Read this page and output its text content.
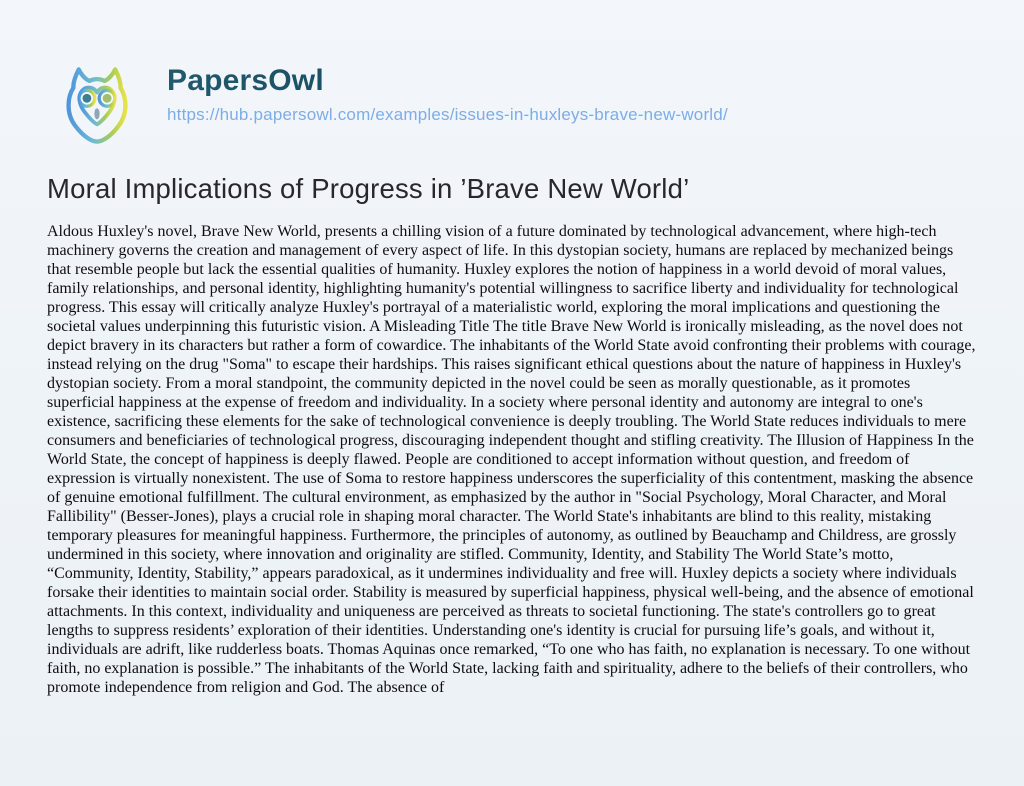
PapersOwl
https://hub.papersowl.com/examples/issues-in-huxleys-brave-new-world/
Moral Implications of Progress in ’Brave New World’

Aldous Huxley's novel, Brave New World, presents a chilling vision of a future dominated by technological advancement, where high-tech machinery governs the creation and management of every aspect of life. In this dystopian society, humans are replaced by mechanized beings that resemble people but lack the essential qualities of humanity. Huxley explores the notion of happiness in a world devoid of moral values, family relationships, and personal identity, highlighting humanity's potential willingness to sacrifice liberty and individuality for technological progress. This essay will critically analyze Huxley's portrayal of a materialistic world, exploring the moral implications and questioning the societal values underpinning this futuristic vision. A Misleading Title The title Brave New World is ironically misleading, as the novel does not depict bravery in its characters but rather a form of cowardice. The inhabitants of the World State avoid confronting their problems with courage, instead relying on the drug "Soma" to escape their hardships. This raises significant ethical questions about the nature of happiness in Huxley's dystopian society. From a moral standpoint, the community depicted in the novel could be seen as morally questionable, as it promotes superficial happiness at the expense of freedom and individuality. In a society where personal identity and autonomy are integral to one's existence, sacrificing these elements for the sake of technological convenience is deeply troubling. The World State reduces individuals to mere consumers and beneficiaries of technological progress, discouraging independent thought and stifling creativity. The Illusion of Happiness In the World State, the concept of happiness is deeply flawed. People are conditioned to accept information without question, and freedom of expression is virtually nonexistent. The use of Soma to restore happiness underscores the superficiality of this contentment, masking the absence of genuine emotional fulfillment. The cultural environment, as emphasized by the author in "Social Psychology, Moral Character, and Moral Fallibility" (Besser-Jones), plays a crucial role in shaping moral character. The World State's inhabitants are blind to this reality, mistaking temporary pleasures for meaningful happiness. Furthermore, the principles of autonomy, as outlined by Beauchamp and Childress, are grossly undermined in this society, where innovation and originality are stifled. Community, Identity, and Stability The World State’s motto, “Community, Identity, Stability,” appears paradoxical, as it undermines individuality and free will. Huxley depicts a society where individuals forsake their identities to maintain social order. Stability is measured by superficial happiness, physical well-being, and the absence of emotional attachments. In this context, individuality and uniqueness are perceived as threats to societal functioning. The state's controllers go to great lengths to suppress residents’ exploration of their identities. Understanding one's identity is crucial for pursuing life’s goals, and without it, individuals are adrift, like rudderless boats. Thomas Aquinas once remarked, “To one who has faith, no explanation is necessary. To one without faith, no explanation is possible.” The inhabitants of the World State, lacking faith and spirituality, adhere to the beliefs of their controllers, who promote independence from religion and God. The absence of
